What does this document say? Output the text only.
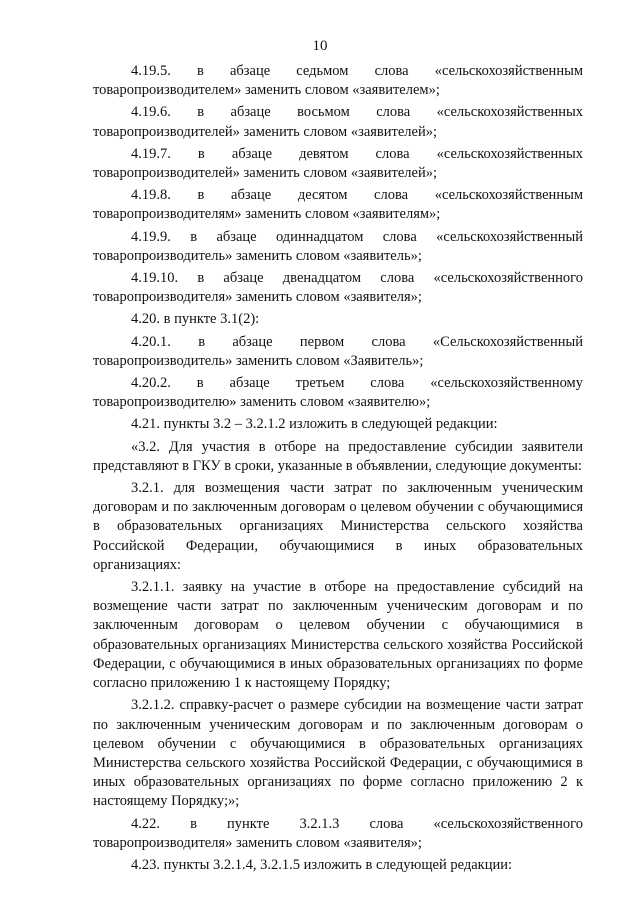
10

4.19.5. в абзаце седьмом слова «сельскохозяйственным товаропроизводителем» заменить словом «заявителем»;

4.19.6. в абзаце восьмом слова «сельскохозяйственных товаропроизводителей» заменить словом «заявителей»;

4.19.7. в абзаце девятом слова «сельскохозяйственных товаропроизводителей» заменить словом «заявителей»;

4.19.8. в абзаце десятом слова «сельскохозяйственным товаропроизводителям» заменить словом «заявителям»;

4.19.9. в абзаце одиннадцатом слова «сельскохозяйственный товаропроизводитель» заменить словом «заявитель»;

4.19.10. в абзаце двенадцатом слова «сельскохозяйственного товаропроизводителя» заменить словом «заявителя»;

4.20. в пункте 3.1(2):

4.20.1. в абзаце первом слова «Сельскохозяйственный товаропроизводитель» заменить словом «Заявитель»;

4.20.2. в абзаце третьем слова «сельскохозяйственному товаропроизводителю» заменить словом «заявителю»;

4.21. пункты 3.2 – 3.2.1.2 изложить в следующей редакции:

«3.2. Для участия в отборе на предоставление субсидии заявители представляют в ГКУ в сроки, указанные в объявлении, следующие документы:

3.2.1. для возмещения части затрат по заключенным ученическим договорам и по заключенным договорам о целевом обучении с обучающимися в образовательных организациях Министерства сельского хозяйства Российской Федерации, обучающимися в иных образовательных организациях:

3.2.1.1. заявку на участие в отборе на предоставление субсидий на возмещение части затрат по заключенным ученическим договорам и по заключенным договорам о целевом обучении с обучающимися в образовательных организациях Министерства сельского хозяйства Российской Федерации, с обучающимися в иных образовательных организациях по форме согласно приложению 1 к настоящему Порядку;

3.2.1.2. справку-расчет о размере субсидии на возмещение части затрат по заключенным ученическим договорам и по заключенным договорам о целевом обучении с обучающимися в образовательных организациях Министерства сельского хозяйства Российской Федерации, с обучающимися в иных образовательных организациях по форме согласно приложению 2 к настоящему Порядку;»;

4.22. в пункте 3.2.1.3 слова «сельскохозяйственного товаропроизводителя» заменить словом «заявителя»;

4.23. пункты 3.2.1.4, 3.2.1.5 изложить в следующей редакции:
